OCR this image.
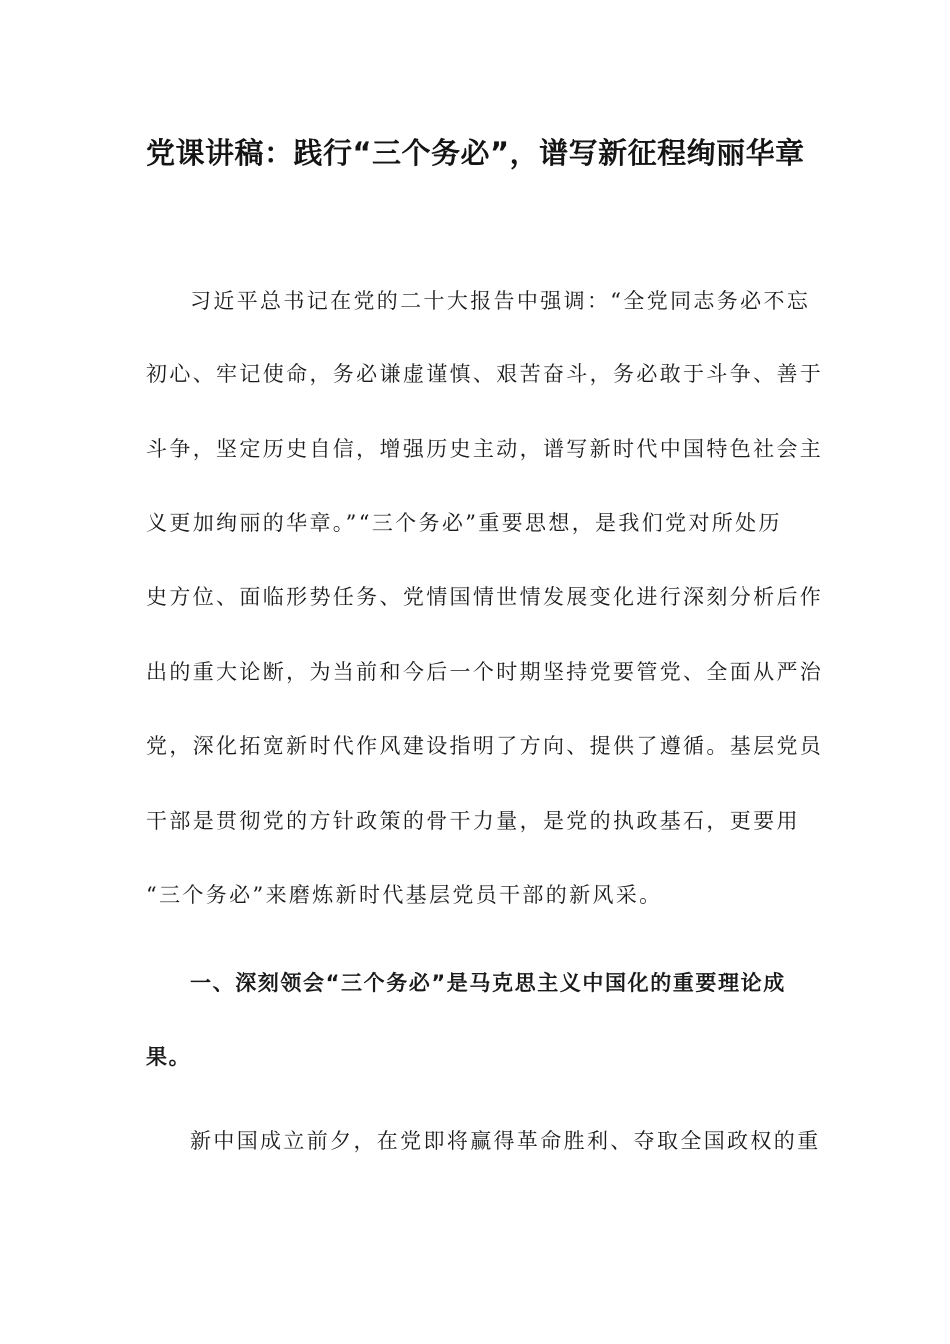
党课讲稿：践行“三个务必”，谱写新征程绚丽华章
习近平总书记在党的二十大报告中强调：“全党同志务必不忘
初心、牢记使命，务必谦虚谨慎、艰苦奋斗，务必敢于斗争、善于
斗争，坚定历史自信，增强历史主动，谱写新时代中国特色社会主
义更加绚丽的华章。”“三个务必”重要思想，是我们党对所处历
史方位、面临形势任务、党情国情世情发展变化进行深刻分析后作
出的重大论断，为当前和今后一个时期坚持党要管党、全面从严治
党，深化拓宽新时代作风建设指明了方向、提供了遵循。基层党员
干部是贯彻党的方针政策的骨干力量，是党的执政基石，更要用
“三个务必”来磨炼新时代基层党员干部的新风采。
一、深刻领会“三个务必”是马克思主义中国化的重要理论成
果。
新中国成立前夕，在党即将赢得革命胜利、夺取全国政权的重
